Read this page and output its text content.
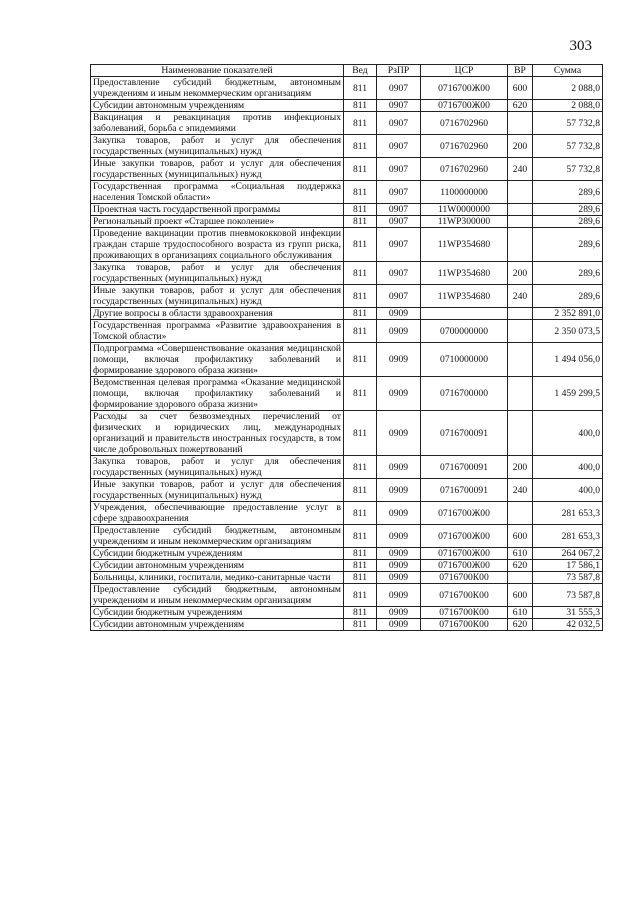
303
Наименование показателей	Вед	РзПР	ЦСР	ВР	Сумма
Предоставление субсидий бюджетным, автономным учреждениям и иным некоммерческим организациям	811	0907	0716700Ж00	600	2 088,0
Субсидии автономным учреждениям	811	0907	0716700Ж00	620	2 088,0
Вакцинация и ревакцинация против инфекционых заболеваний, борьба с эпидемиями	811	0907	0716702960		57 732,8
Закупка товаров, работ и услуг для обеспечения государственных (муниципальных) нужд	811	0907	0716702960	200	57 732,8
Иные закупки товаров, работ и услуг для обеспечения государственных (муниципальных) нужд	811	0907	0716702960	240	57 732,8
Государственная программа «Социальная поддержка населения Томской области»	811	0907	1100000000		289,6
Проектная часть государственной программы	811	0907	11W0000000		289,6
Региональный проект «Старшее поколение»	811	0907	11WP300000		289,6
Проведение вакцинации против пневмококковой инфекции граждан старше трудоспособного возраста из групп риска, проживающих в организациях социального обслуживания	811	0907	11WP354680		289,6
Закупка товаров, работ и услуг для обеспечения государственных (муниципальных) нужд	811	0907	11WP354680	200	289,6
Иные закупки товаров, работ и услуг для обеспечения государственных (муниципальных) нужд	811	0907	11WP354680	240	289,6
Другие вопросы в области здравоохранения	811	0909			2 352 891,0
Государственная программа «Развитие здравоохранения в Томской области»	811	0909	0700000000		2 350 073,5
Подпрограмма «Совершенствование оказания медицинской помощи, включая профилактику заболеваний и формирование здорового образа жизни»	811	0909	0710000000		1 494 056,0
Ведомственная целевая программа «Оказание медицинской помощи, включая профилактику заболеваний и формирование здорового образа жизни»	811	0909	0716700000		1 459 299,5
Расходы за счет безвозмездных перечислений от физических и юридических лиц, международных организаций и правительств иностранных государств, в том числе добровольных пожертвований	811	0909	0716700091		400,0
Закупка товаров, работ и услуг для обеспечения государственных (муниципальных) нужд	811	0909	0716700091	200	400,0
Иные закупки товаров, работ и услуг для обеспечения государственных (муниципальных) нужд	811	0909	0716700091	240	400,0
Учреждения, обеспечивающие предоставление услуг в сфере здравоохранения	811	0909	0716700Ж00		281 653,3
Предоставление субсидий бюджетным, автономным учреждениям и иным некоммерческим организациям	811	0909	0716700Ж00	600	281 653,3
Субсидии бюджетным учреждениям	811	0909	0716700Ж00	610	264 067,2
Субсидии автономным учреждениям	811	0909	0716700Ж00	620	17 586,1
Больницы, клиники, госпитали, медико-санитарные части	811	0909	0716700К00		73 587,8
Предоставление субсидий бюджетным, автономным учреждениям и иным некоммерческим организациям	811	0909	0716700К00	600	73 587,8
Субсидии бюджетным учреждениям	811	0909	0716700К00	610	31 555,3
Субсидии автономным учреждениям	811	0909	0716700К00	620	42 032,5
